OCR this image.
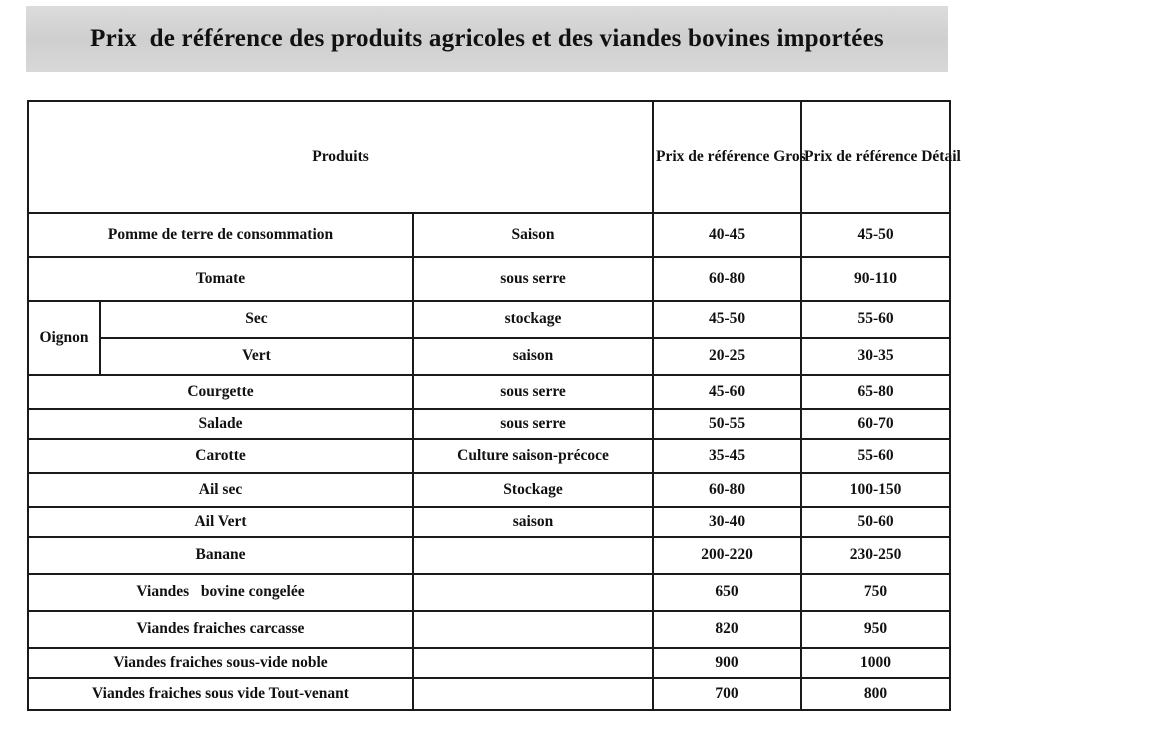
Prix  de référence des produits agricoles et des viandes bovines importées
Produits			Prix de référence Gros	Prix de référence Détail
Pomme de terre de consommation		Saison	40-45	45-50
Tomate		sous serre	60-80	90-110
Oignon	Sec	stockage	45-50	55-60
	Vert	saison	20-25	30-35
Courgette		sous serre	45-60	65-80
Salade		sous serre	50-55	60-70
Carotte		Culture saison-précoce	35-45	55-60
Ail sec		Stockage	60-80	100-150
Ail Vert		saison	30-40	50-60
Banane			200-220	230-250
Viandes   bovine congelée			650	750
Viandes fraiches carcasse			820	950
Viandes fraiches sous-vide noble			900	1000
Viandes fraiches sous vide Tout-venant			700	800
